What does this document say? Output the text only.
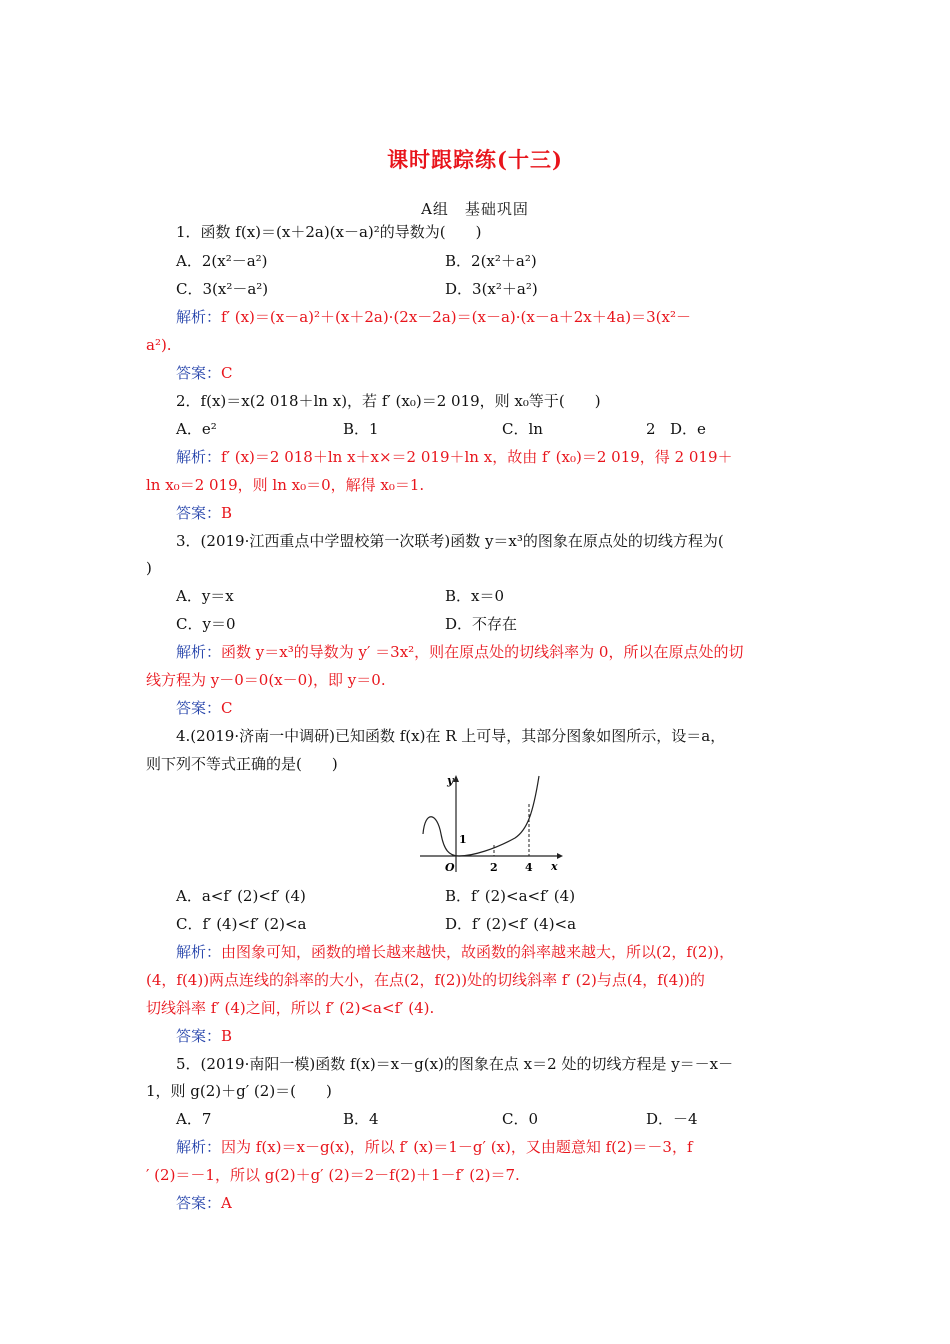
课时跟踪练(十三)
A组　基础巩固
1．函数 f(x)＝(x＋2a)(x－a)²的导数为(　　)
A．2(x²－a²)	B．2(x²＋a²)
C．3(x²－a²)	D．3(x²＋a²)
解析：f′ (x)＝(x－a)²＋(x＋2a)·(2x－2a)＝(x－a)·(x－a＋2x＋4a)＝3(x²－
a²).
答案：C
2．f(x)＝x(2 018＋ln x)，若 f′ (x₀)＝2 019，则 x₀等于(　　)
A．e²	B．1	C．ln	2 D．e
解析：f′ (x)＝2 018＋ln x＋x×＝2 019＋ln x，故由 f′ (x₀)＝2 019，得 2 019＋
ln x₀＝2 019，则 ln x₀＝0，解得 x₀＝1.
答案：B
3．(2019·江西重点中学盟校第一次联考)函数 y＝x³的图象在原点处的切线方程为(
)
A．y＝x	B．x＝0
C．y＝0	D．不存在
解析：函数 y＝x³的导数为 y′ ＝3x²，则在原点处的切线斜率为 0，所以在原点处的切
线方程为 y－0＝0(x－0)，即 y＝0.
答案：C
4.(2019·济南一中调研)已知函数 f(x)在 R 上可导，其部分图象如图所示，设＝a，
则下列不等式正确的是(　　)
y
x
O
1
2 4
A．a<f′ (2)<f′ (4)	B．f′ (2)<a<f′ (4)
C．f′ (4)<f′ (2)<a	D．f′ (2)<f′ (4)<a
解析：由图象可知，函数的增长越来越快，故函数的斜率越来越大，所以(2，f(2))，
(4，f(4))两点连线的斜率的大小，在点(2，f(2))处的切线斜率 f′ (2)与点(4，f(4))的
切线斜率 f′ (4)之间，所以 f′ (2)<a<f′ (4).
答案：B
5．(2019·南阳一模)函数 f(x)＝x－g(x)的图象在点 x＝2 处的切线方程是 y＝－x－
1，则 g(2)＋g′ (2)＝(　　)
A．7	B．4	C．0	D．－4
解析：因为 f(x)＝x－g(x)，所以 f′ (x)＝1－g′ (x)，又由题意知 f(2)＝－3，f
′ (2)＝－1，所以 g(2)＋g′ (2)＝2－f(2)＋1－f′ (2)＝7.
答案：A
